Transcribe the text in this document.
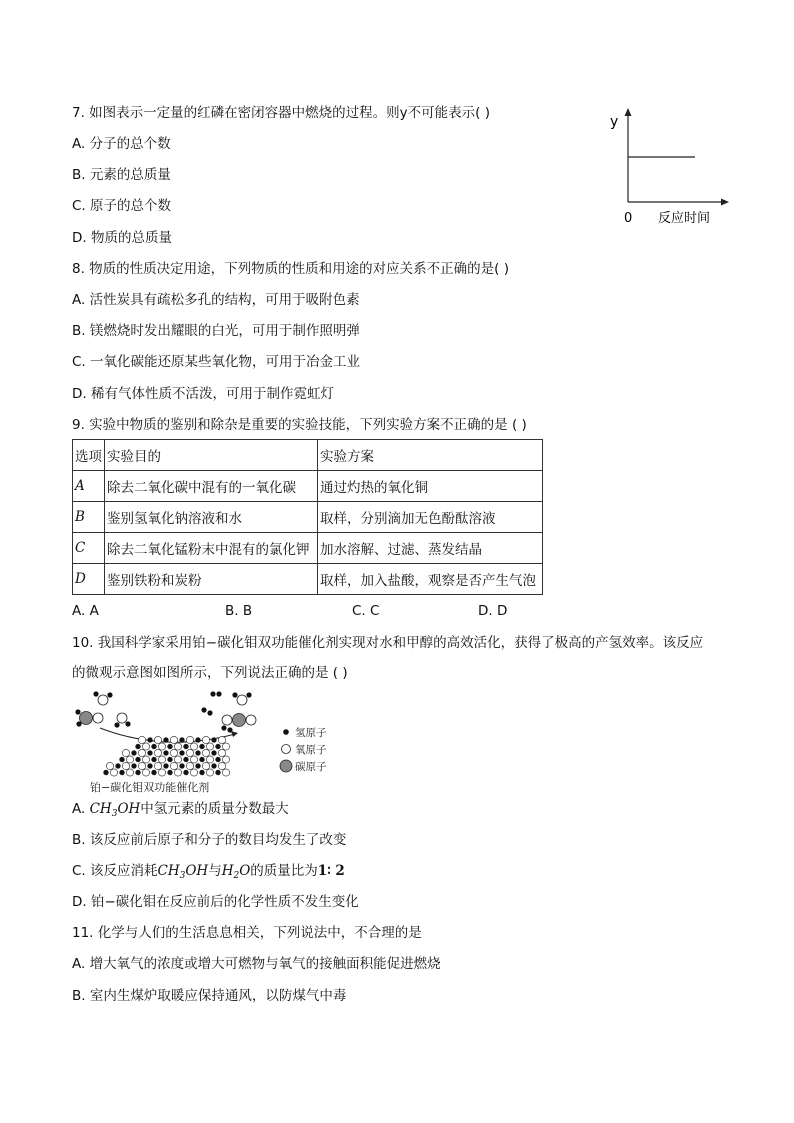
7. 如图表示一定量的红磷在密闭容器中燃烧的过程。则y不可能表示( )
A. 分子的总个数
B. 元素的总质量
C. 原子的总个数
D. 物质的总质量
y
0 反应时间
8. 物质的性质决定用途，下列物质的性质和用途的对应关系不正确的是( )
A. 活性炭具有疏松多孔的结构，可用于吸附色素
B. 镁燃烧时发出耀眼的白光，可用于制作照明弹
C. 一氧化碳能还原某些氧化物，可用于冶金工业
D. 稀有气体性质不活泼，可用于制作霓虹灯
9. 实验中物质的鉴别和除杂是重要的实验技能，下列实验方案不正确的是 ( )
选项	实验目的	实验方案
A	除去二氧化碳中混有的一氧化碳	通过灼热的氧化铜
B	鉴别氢氧化钠溶液和水	取样，分别滴加无色酚酞溶液
C	除去二氧化锰粉末中混有的氯化钾	加水溶解、过滤、蒸发结晶
D	鉴别铁粉和炭粉	取样，加入盐酸，观察是否产生气泡
A. A	B. B	C. C	D. D
10. 我国科学家采用铂−碳化钼双功能催化剂实现对水和甲醇的高效活化，获得了极高的产氢效率。该反应
的微观示意图如图所示，下列说法正确的是 ( )
铂−碳化钼双功能催化剂
氢原子
氧原子
碳原子
A. $CH_3OH$中氢元素的质量分数最大
B. 该反应前后原子和分子的数目均发生了改变
C. 该反应消耗$CH_3OH$与$H_2O$的质量比为1∶ 2
D. 铂−碳化钼在反应前后的化学性质不发生变化
11. 化学与人们的生活息息相关，下列说法中，不合理的是
A. 增大氧气的浓度或增大可燃物与氧气的接触面积能促进燃烧
B. 室内生煤炉取暖应保持通风，以防煤气中毒
